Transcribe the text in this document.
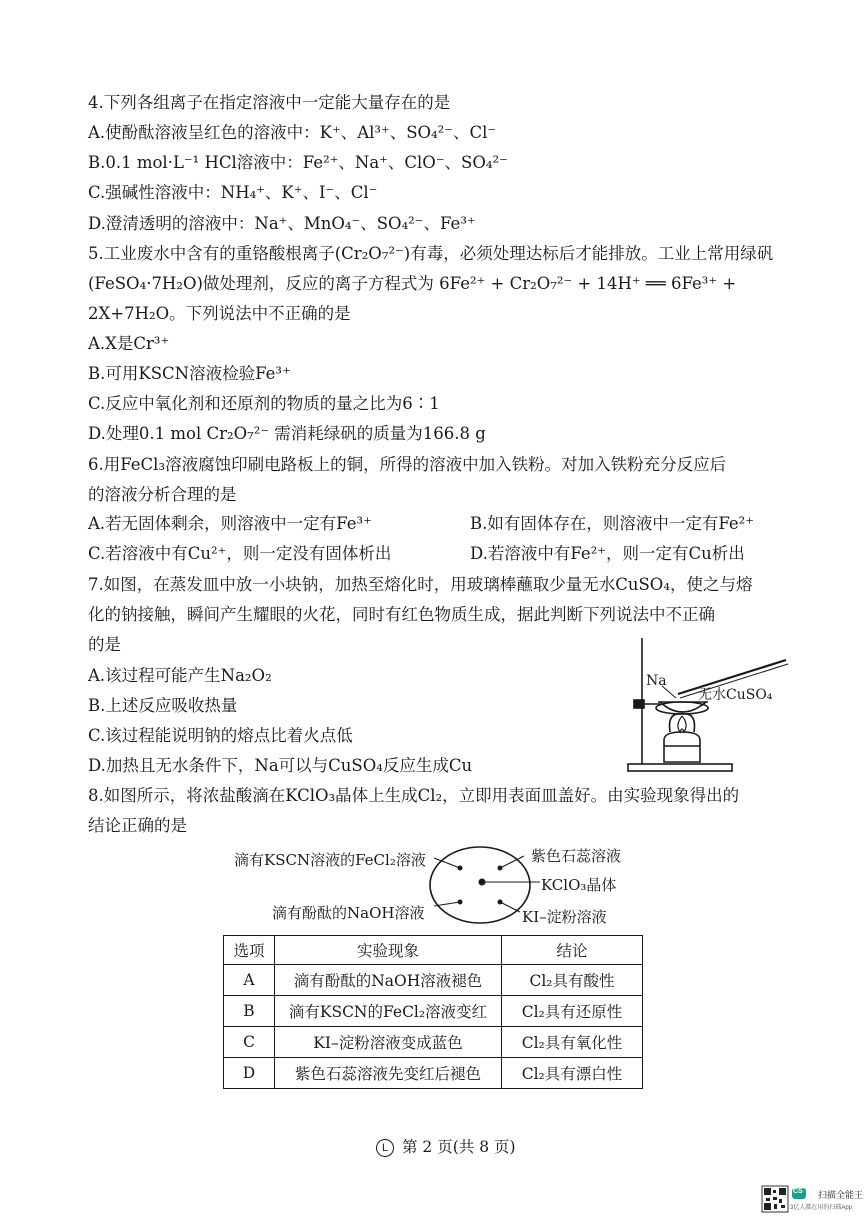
4.下列各组离子在指定溶液中一定能大量存在的是
A.使酚酞溶液呈红色的溶液中：K⁺、Al³⁺、SO₄²⁻、Cl⁻
B.0.1 mol·L⁻¹ HCl溶液中：Fe²⁺、Na⁺、ClO⁻、SO₄²⁻
C.强碱性溶液中：NH₄⁺、K⁺、I⁻、Cl⁻
D.澄清透明的溶液中：Na⁺、MnO₄⁻、SO₄²⁻、Fe³⁺
5.工业废水中含有的重铬酸根离子(Cr₂O₇²⁻)有毒，必须处理达标后才能排放。工业上常用绿矾
(FeSO₄·7H₂O)做处理剂，反应的离子方程式为 6Fe²⁺ + Cr₂O₇²⁻ + 14H⁺ ══ 6Fe³⁺ +
2X+7H₂O。下列说法中不正确的是
A.X是Cr³⁺
B.可用KSCN溶液检验Fe³⁺
C.反应中氧化剂和还原剂的物质的量之比为6∶1
D.处理0.1 mol Cr₂O₇²⁻ 需消耗绿矾的质量为166.8 g
6.用FeCl₃溶液腐蚀印刷电路板上的铜，所得的溶液中加入铁粉。对加入铁粉充分反应后
的溶液分析合理的是
A.若无固体剩余，则溶液中一定有Fe³⁺	B.如有固体存在，则溶液中一定有Fe²⁺
C.若溶液中有Cu²⁺，则一定没有固体析出	D.若溶液中有Fe²⁺，则一定有Cu析出
7.如图，在蒸发皿中放一小块钠，加热至熔化时，用玻璃棒蘸取少量无水CuSO₄，使之与熔
化的钠接触，瞬间产生耀眼的火花，同时有红色物质生成，据此判断下列说法中不正确
的是
A.该过程可能产生Na₂O₂
B.上述反应吸收热量
C.该过程能说明钠的熔点比着火点低
D.加热且无水条件下，Na可以与CuSO₄反应生成Cu
Na
无水CuSO₄
8.如图所示，将浓盐酸滴在KClO₃晶体上生成Cl₂，立即用表面皿盖好。由实验现象得出的
结论正确的是
滴有KSCN溶液的FeCl₂溶液	紫色石蕊溶液
KClO₃晶体
滴有酚酞的NaOH溶液	KI–淀粉溶液
选项	实验现象	结论
A	滴有酚酞的NaOH溶液褪色	Cl₂具有酸性
B	滴有KSCN的FeCl₂溶液变红	Cl₂具有还原性
C	KI–淀粉溶液变成蓝色	Cl₂具有氧化性
D	紫色石蕊溶液先变红后褪色	Cl₂具有漂白性
L 第 2 页(共 8 页)
CS 扫描全能王
3亿人都在用的扫描App
